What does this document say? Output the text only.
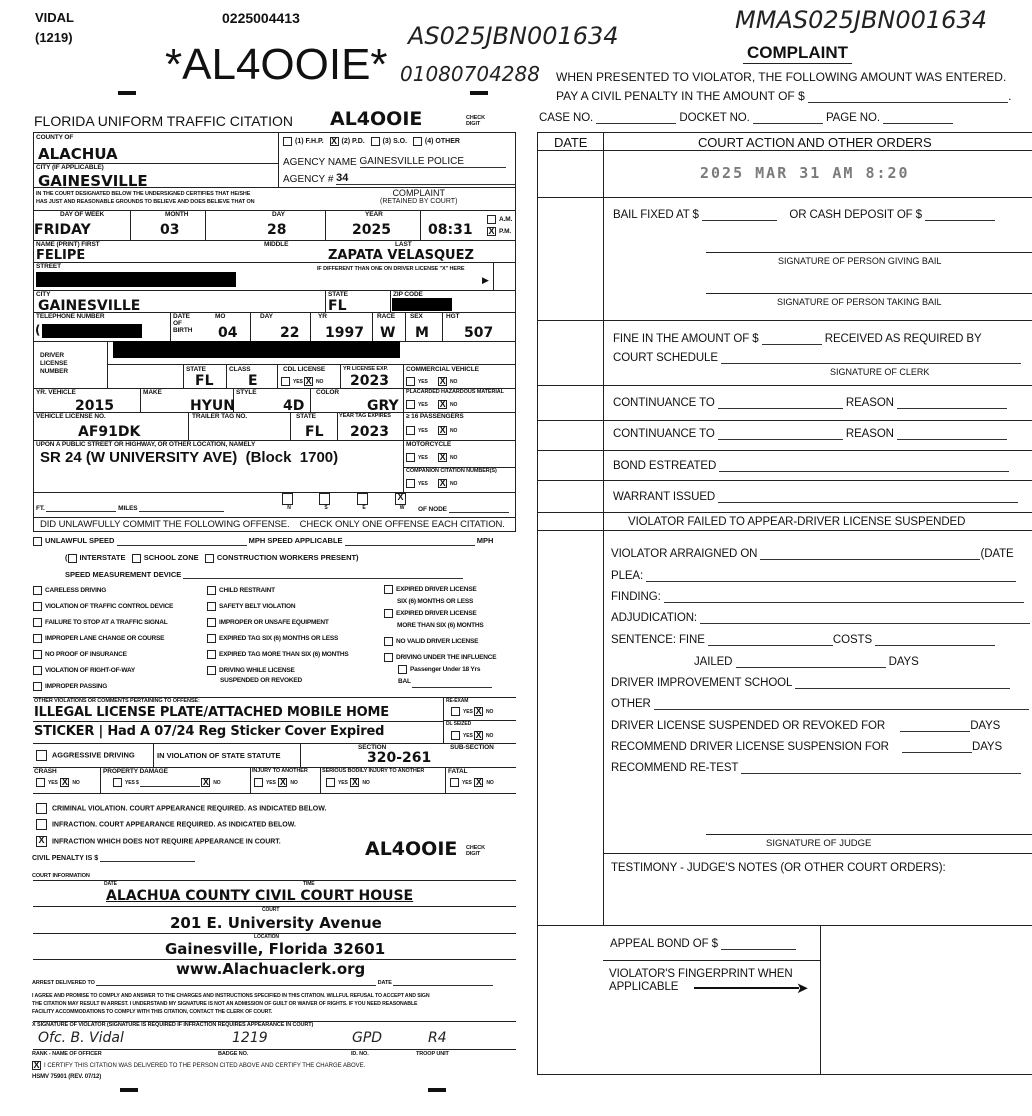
VIDAL
(1219)
0225004413
*AL4OOIE*
AS025JBN001634
01080704288
MMAS025JBN001634
FLORIDA UNIFORM TRAFFIC CITATION AL4OOIE	CHECK DIGIT
COUNTY OF
ALACHUA
CITY (IF APPLICABLE)
GAINESVILLE
(1) F.H.P. X	(2) P.D.	(3) S.O.	(4) OTHER
AGENCY NAME GAINESVILLE POLICE
AGENCY # 34
IN THE COURT DESIGNATED BELOW THE UNDERSIGNED CERTIFIES THAT HE/SHE
HAS JUST AND REASONABLE GROUNDS TO BELIEVE AND DOES BELIEVE THAT ON
COMPLAINT
(RETAINED BY COURT)
DAY OF WEEK
FRIDAY
MONTH
03
DAY
28
YEAR
2025	08:31
A.M.
XP.M.
NAME (PRINT) FIRST
FELIPE
MIDDLE	LAST
ZAPATA VELASQUEZ
STREET	IF DIFFERENT THAN ONE ON DRIVER LICENSE "X" HERE
▶
CITY
GAINESVILLE
STATE
FL
ZIP CODE
TELEPHONE NUMBER
(
DATE OF BIRTH
MO
04
DAY
22
YR
1997
RACE
W
SEX
M
HGT
507
DRIVER LICENSE NUMBER	STATE
FL
CLASS
E
CDL LICENSE
YES X	NO
YR LICENSE EXP.
2023
COMMERCIAL VEHICLE
YES X	NO
YR. VEHICLE
2015
MAKE
HYUN
STYLE
4D
COLOR
GRY
PLACARDED HAZARDOUS MATERIAL
YES X	NO
VEHICLE LICENSE NO.
AF91DK
TRAILER TAG NO.	STATE
FL
YEAR TAG EXPIRES
2023
≥ 16 PASSENGERS
YES X	NO
UPON A PUBLIC STREET OR HIGHWAY, OR OTHER LOCATION, NAMELY
SR 24 (W UNIVERSITY AVE)  (Block  1700)
MOTORCYCLE
YES X	NO
COMPANION CITATION NUMBER(S)
YES X	NO
FT.	MILES	N	S	E
X	W	OF NODE
DID UNLAWFULLY COMMIT THE FOLLOWING OFFENSE.    CHECK ONLY ONE OFFENSE EACH CITATION.
UNLAWFUL SPEED	MPH SPEED APPLICABLE	MPH
( INTERSTATE SCHOOL ZONE CONSTRUCTION WORKERS PRESENT)
SPEED MEASUREMENT DEVICE
CARELESS DRIVING
VIOLATION OF TRAFFIC CONTROL DEVICE
FAILURE TO STOP AT A TRAFFIC SIGNAL
IMPROPER LANE CHANGE OR COURSE
NO PROOF OF INSURANCE
VIOLATION OF RIGHT-OF-WAY
IMPROPER PASSING
CHILD RESTRAINT
SAFETY BELT VIOLATION
IMPROPER OR UNSAFE EQUIPMENT
EXPIRED TAG SIX (6) MONTHS OR LESS
EXPIRED TAG MORE THAN SIX (6) MONTHS
DRIVING WHILE LICENSE
SUSPENDED OR REVOKED
EXPIRED DRIVER LICENSE
SIX (6) MONTHS OR LESS
EXPIRED DRIVER LICENSE
MORE THAN SIX (6) MONTHS
NO VALID DRIVER LICENSE
DRIVING UNDER THE INFLUENCE
Passenger Under 18 Yrs
BAL
OTHER VIOLATIONS OR COMMENTS PERTAINING TO OFFENSE:
ILLEGAL LICENSE PLATE/ATTACHED MOBILE HOME
STICKER | Had A 07/24 Reg Sticker Cover Expired
RE-EXAM
YES X	NO
DL SEIZED
YES X	NO
AGGRESSIVE DRIVING	IN VIOLATION OF STATE STATUTE
SECTION
320-261
SUB-SECTION
CRASH
YES X	NO
PROPERTY DAMAGE
YES $ X	NO
INJURY TO ANOTHER
YES X	NO
SERIOUS BODILY INJURY TO ANOTHER
YES X	NO
FATAL
YES X	NO
CRIMINAL VIOLATION. COURT APPEARANCE REQUIRED. AS INDICATED BELOW.
INFRACTION. COURT APPEARANCE REQUIRED. AS INDICATED BELOW.
X INFRACTION WHICH DOES NOT REQUIRE APPEARANCE IN COURT.	AL4OOIE CHECK DIGIT
CIVIL PENALTY IS $
COURT INFORMATION
DATE	TIME
ALACHUA COUNTY CIVIL COURT HOUSE
COURT
201 E. University Avenue
LOCATION
Gainesville, Florida 32601
www.Alachuaclerk.org
ARREST DELIVERED TO	DATE
I AGREE AND PROMISE TO COMPLY AND ANSWER TO THE CHARGES AND INSTRUCTIONS SPECIFIED IN THIS CITATION. WILLFUL REFUSAL TO ACCEPT AND SIGN
THE CITATION MAY RESULT IN ARREST. I UNDERSTAND MY SIGNATURE IS NOT AN ADMISSION OF GUILT OR WAIVER OF RIGHTS. IF YOU NEED REASONABLE
FACILITY ACCOMMODATIONS TO COMPLY WITH THIS CITATION, CONTACT THE CLERK OF COURT.
X SIGNATURE OF VIOLATOR (SIGNATURE IS REQUIRED IF INFRACTION REQUIRES APPEARANCE IN COURT)
Ofc. B. Vidal	1219	GPD	R4
RANK - NAME OF OFFICER	BADGE NO.	ID. NO.	TROOP UNIT
XI CERTIFY THIS CITATION WAS DELIVERED TO THE PERSON CITED ABOVE AND CERTIFY THE CHARGE ABOVE.
HSMV 75901 (REV. 07/12)
COMPLAINT
WHEN PRESENTED TO VIOLATOR, THE FOLLOWING AMOUNT WAS ENTERED.
PAY A CIVIL PENALTY IN THE AMOUNT OF $	.
CASE NO.	DOCKET NO.	PAGE NO.
DATE	COURT ACTION AND OTHER ORDERS
2025 MAR 31 AM 8:20
BAIL FIXED AT $	OR CASH DEPOSIT OF $
SIGNATURE OF PERSON GIVING BAIL
SIGNATURE OF PERSON TAKING BAIL
FINE IN THE AMOUNT OF $	RECEIVED AS REQUIRED BY
COURT SCHEDULE
SIGNATURE OF CLERK
CONTINUANCE TO	REASON
CONTINUANCE TO	REASON
BOND ESTREATED
WARRANT ISSUED
VIOLATOR FAILED TO APPEAR-DRIVER LICENSE SUSPENDED
VIOLATOR ARRAIGNED ON	(DATE
PLEA:
FINDING:
ADJUDICATION:
SENTENCE: FINE	COSTS
JAILED	DAYS
DRIVER IMPROVEMENT SCHOOL
OTHER
DRIVER LICENSE SUSPENDED OR REVOKED FOR	DAYS
RECOMMEND DRIVER LICENSE SUSPENSION FOR	DAYS
RECOMMEND RE-TEST
SIGNATURE OF JUDGE
TESTIMONY - JUDGE'S NOTES (OR OTHER COURT ORDERS):
APPEAL BOND OF $
VIOLATOR'S FINGERPRINT WHEN
APPLICABLE	➤
